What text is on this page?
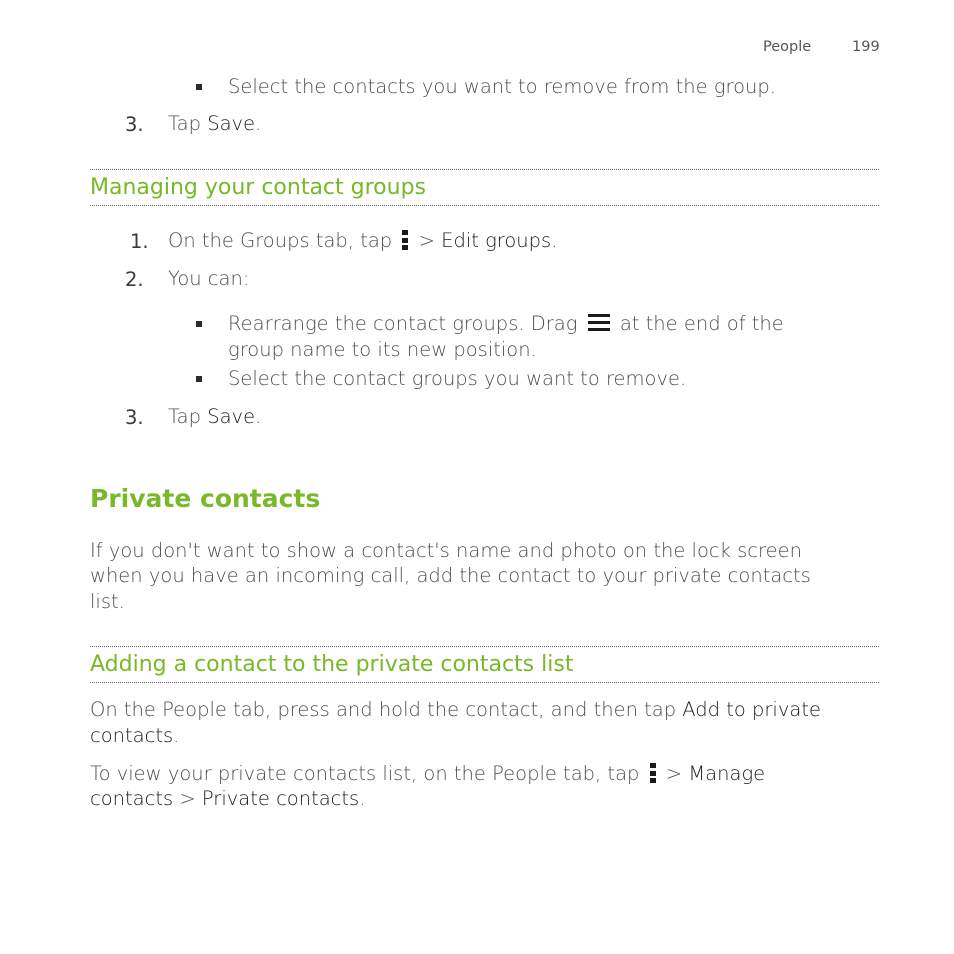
People	199
Select the contacts you want to remove from the group.
3. Tap Save.
Managing your contact groups
1. On the Groups tab, tap
> Edit groups.
2. You can:
Rearrange the contact groups. Drag
at the end of the
group name to its new position.
Select the contact groups you want to remove.
3. Tap Save.
Private contacts
If you don't want to show a contact's name and photo on the lock screen
when you have an incoming call, add the contact to your private contacts
list.
Adding a contact to the private contacts list
On the People tab, press and hold the contact, and then tap Add to private
contacts.
To view your private contacts list, on the People tab, tap
> Manage
contacts > Private contacts.
